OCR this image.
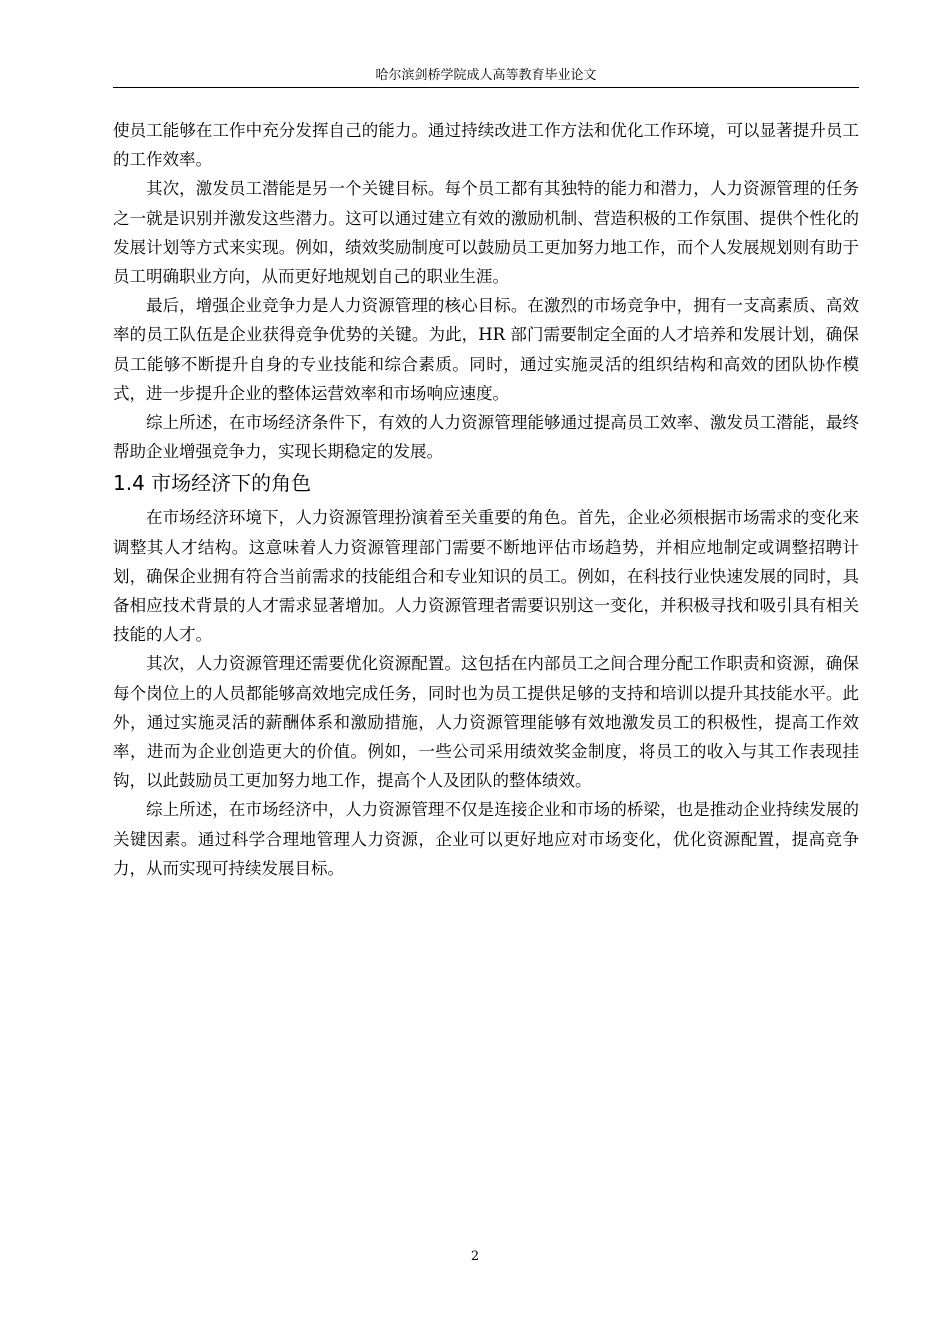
哈尔滨剑桥学院成人高等教育毕业论文

使员工能够在工作中充分发挥自己的能力。通过持续改进工作方法和优化工作环境，可以显著提升员工的工作效率。

其次，激发员工潜能是另一个关键目标。每个员工都有其独特的能力和潜力，人力资源管理的任务之一就是识别并激发这些潜力。这可以通过建立有效的激励机制、营造积极的工作氛围、提供个性化的发展计划等方式来实现。例如，绩效奖励制度可以鼓励员工更加努力地工作，而个人发展规划则有助于员工明确职业方向，从而更好地规划自己的职业生涯。

最后，增强企业竞争力是人力资源管理的核心目标。在激烈的市场竞争中，拥有一支高素质、高效率的员工队伍是企业获得竞争优势的关键。为此，HR 部门需要制定全面的人才培养和发展计划，确保员工能够不断提升自身的专业技能和综合素质。同时，通过实施灵活的组织结构和高效的团队协作模式，进一步提升企业的整体运营效率和市场响应速度。

综上所述，在市场经济条件下，有效的人力资源管理能够通过提高员工效率、激发员工潜能，最终帮助企业增强竞争力，实现长期稳定的发展。

1.4 市场经济下的角色

在市场经济环境下，人力资源管理扮演着至关重要的角色。首先，企业必须根据市场需求的变化来调整其人才结构。这意味着人力资源管理部门需要不断地评估市场趋势，并相应地制定或调整招聘计划，确保企业拥有符合当前需求的技能组合和专业知识的员工。例如，在科技行业快速发展的同时，具备相应技术背景的人才需求显著增加。人力资源管理者需要识别这一变化，并积极寻找和吸引具有相关技能的人才。

其次，人力资源管理还需要优化资源配置。这包括在内部员工之间合理分配工作职责和资源，确保每个岗位上的人员都能够高效地完成任务，同时也为员工提供足够的支持和培训以提升其技能水平。此外，通过实施灵活的薪酬体系和激励措施，人力资源管理能够有效地激发员工的积极性，提高工作效率，进而为企业创造更大的价值。例如，一些公司采用绩效奖金制度，将员工的收入与其工作表现挂钩，以此鼓励员工更加努力地工作，提高个人及团队的整体绩效。

综上所述，在市场经济中，人力资源管理不仅是连接企业和市场的桥梁，也是推动企业持续发展的关键因素。通过科学合理地管理人力资源，企业可以更好地应对市场变化，优化资源配置，提高竞争力，从而实现可持续发展目标。

2
